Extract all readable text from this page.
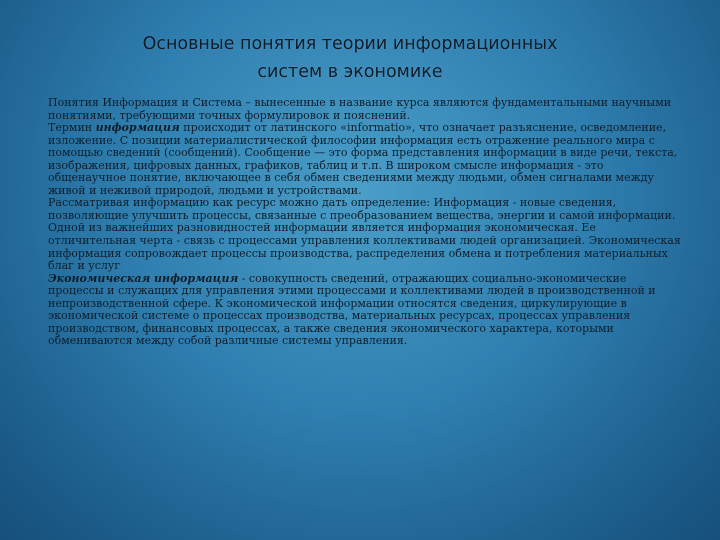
Основные понятия теории информационных
систем в экономике

Понятия Информация и Система – вынесенные в название курса являются фундаментальными научными понятиями, требующими точных формулировок и пояснений.

Термин информация происходит от латинского «informatio», что означает разъяснение, осведомление, изложение. С позиции материалистической философии информация есть отражение реального мира с помощью сведений (сообщений). Сообщение — это форма представления информации в виде речи, текста, изображения, цифровых данных, графиков, таблиц и т.п. В широком смысле информация - это общенаучное понятие, включающее в себя обмен сведениями между людьми, обмен сигналами между живой и неживой природой, людьми и устройствами.

Рассматривая информацию как ресурс можно дать определение: Информация - новые сведения, позволяющие улучшить процессы, связанные с преобразованием вещества, энергии и самой информации.

Одной из важнейших разновидностей информации является информация экономическая. Ее отличительная черта - связь с процессами управления коллективами людей организацией. Экономическая информация сопровождает процессы производства, распределения обмена и потребления материальных благ и услуг

Экономическая информация - совокупность сведений, отражающих социально-экономические процессы и служащих для управления этими процессами и коллективами людей в производственной и непроизводственной сфере. К экономической информации относятся сведения, циркулирующие в экономической системе о процессах производства, материальных ресурсах, процессах управления производством, финансовых процессах, а также сведения экономического характера, которыми обмениваются между собой различные системы управления.
